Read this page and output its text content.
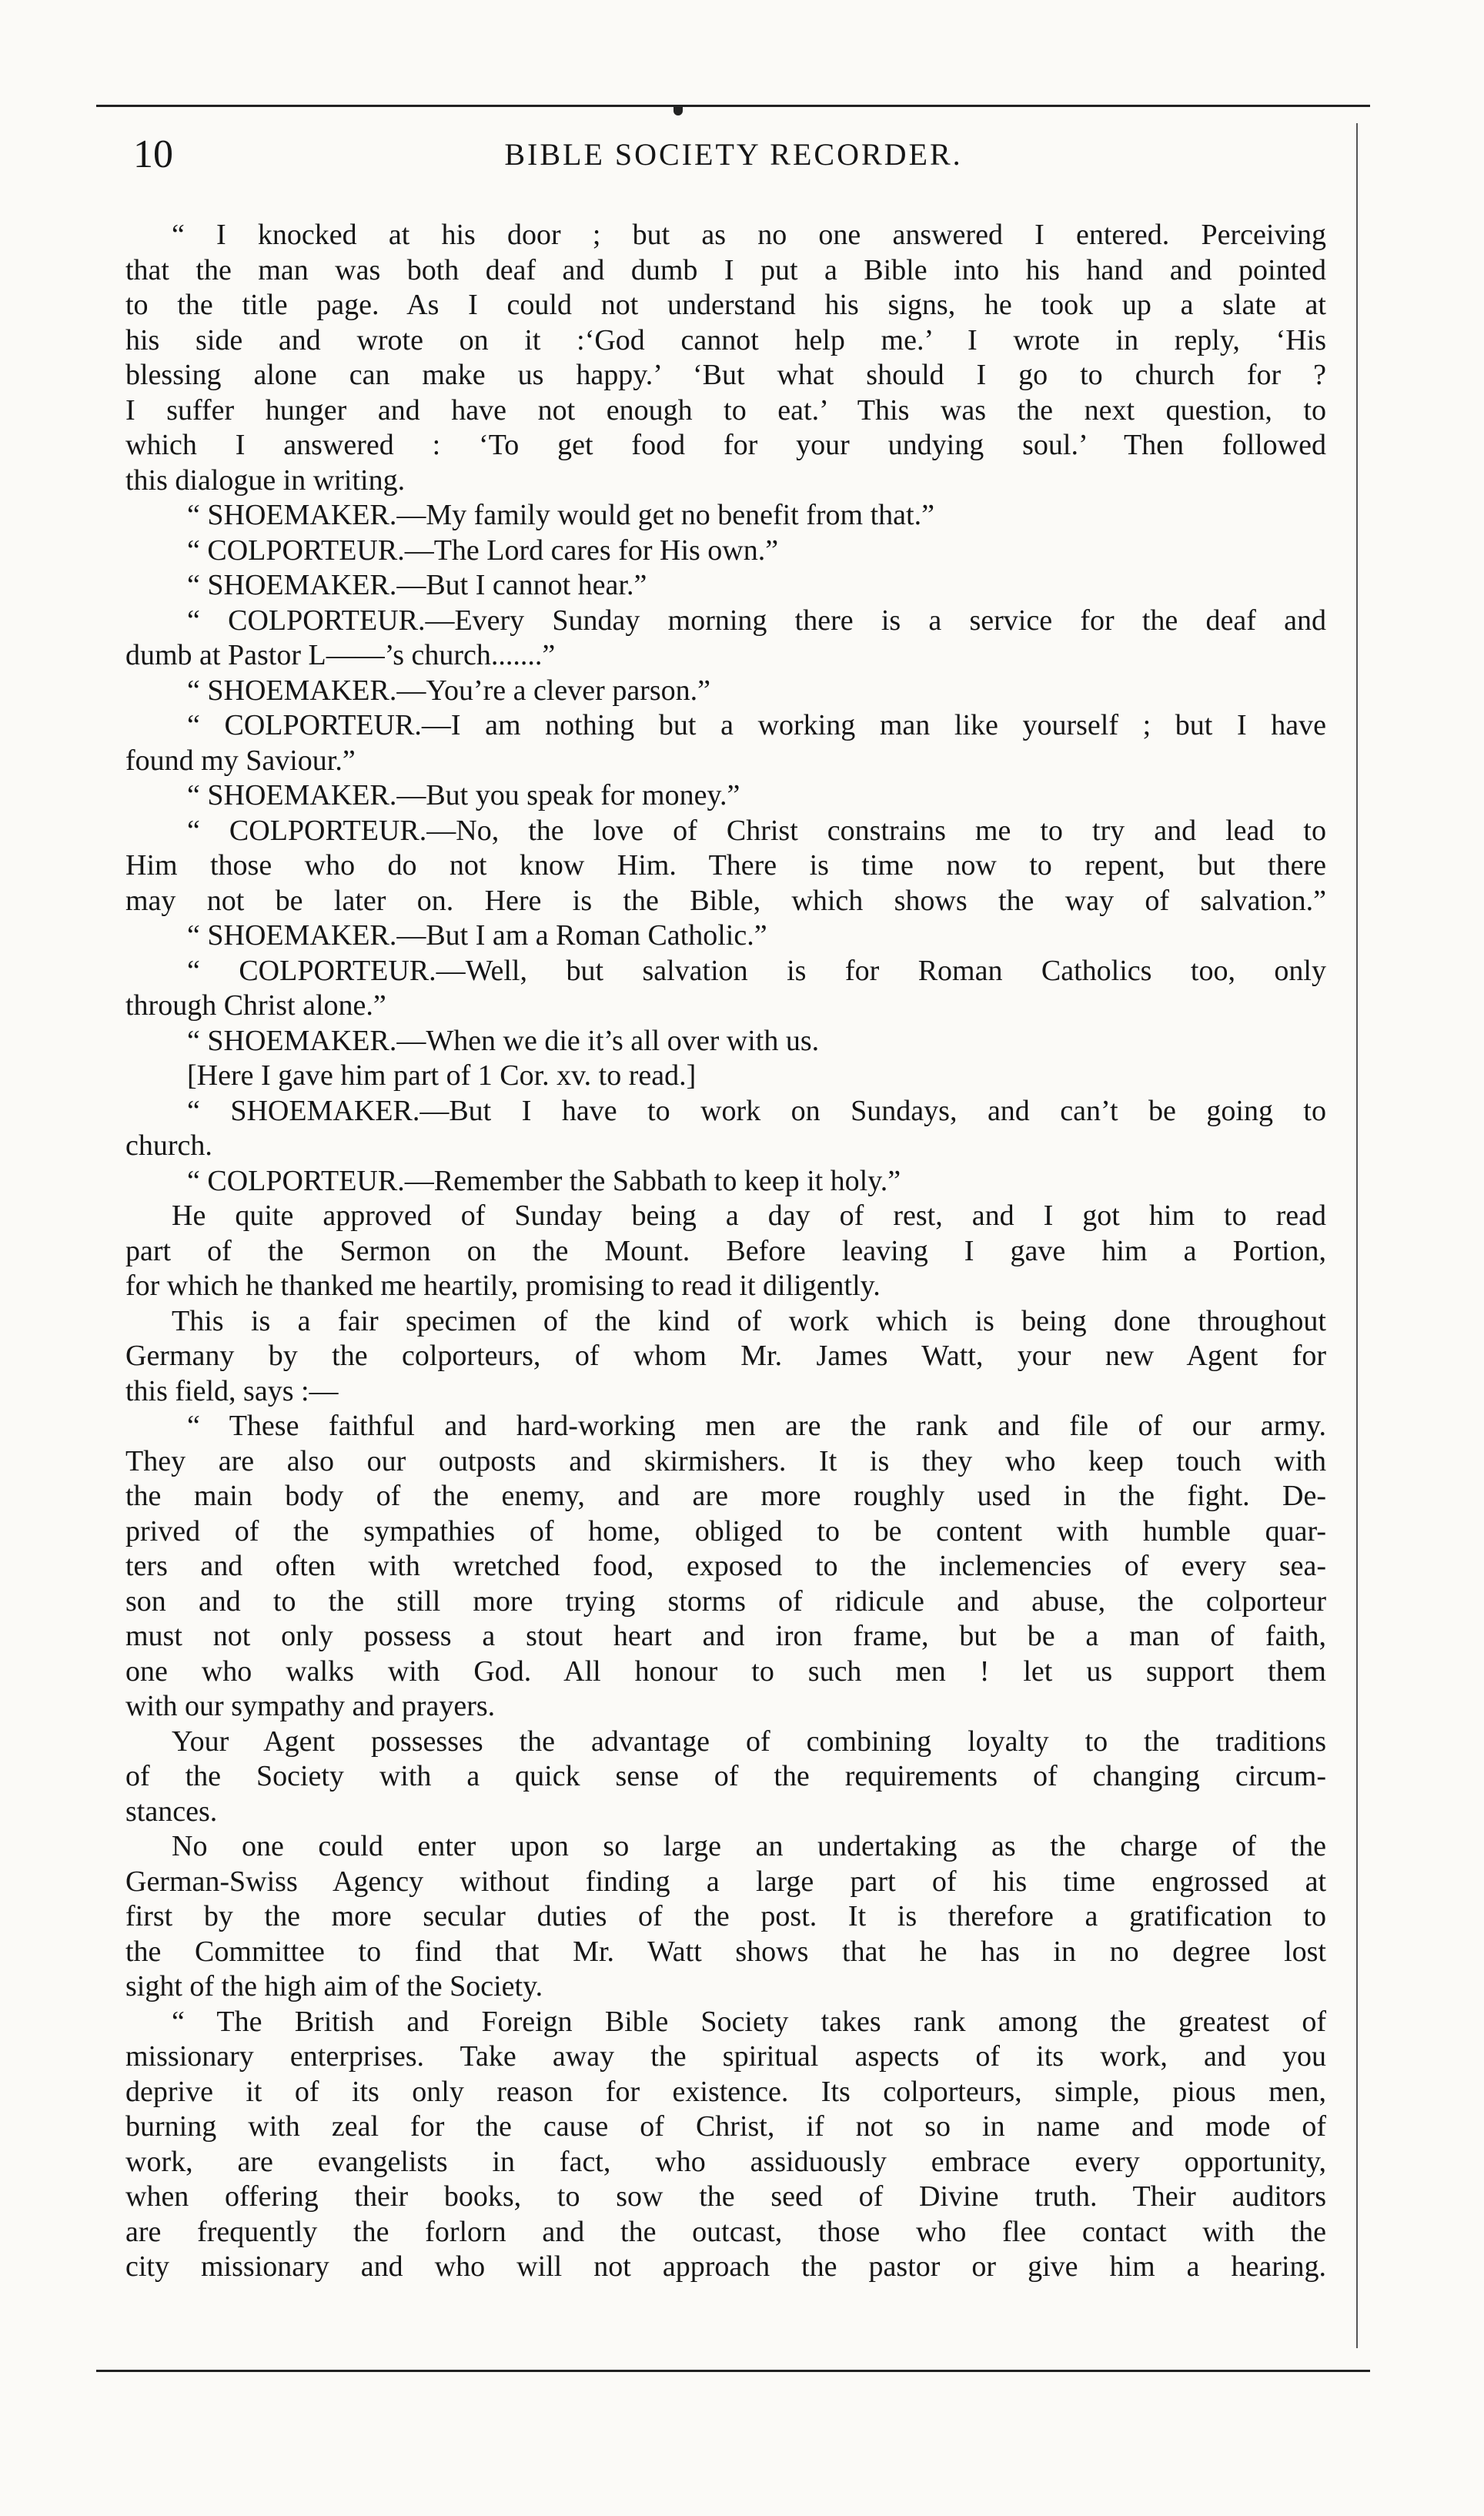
10	BIBLE SOCIETY RECORDER.
“ I knocked at his door ; but as no one answered I entered. Perceiving
that the man was both deaf and dumb I put a Bible into his hand and pointed
to the title page. As I could not understand his signs, he took up a slate at
his side and wrote on it :‘God cannot help me.’ I wrote in reply, ‘His
blessing alone can make us happy.’ ‘But what should I go to church for ?
I suffer hunger and have not enough to eat.’ This was the next question, to
which I answered : ‘To get food for your undying soul.’ Then followed
this dialogue in writing.
“ SHOEMAKER.—My family would get no benefit from that.”
“ COLPORTEUR.—The Lord cares for His own.”
“ SHOEMAKER.—But I cannot hear.”
“ COLPORTEUR.—Every Sunday morning there is a service for the deaf and
dumb at Pastor L——’s church.......”
“ SHOEMAKER.—You’re a clever parson.”
“ COLPORTEUR.—I am nothing but a working man like yourself ; but I have
found my Saviour.”
“ SHOEMAKER.—But you speak for money.”
“ COLPORTEUR.—No, the love of Christ constrains me to try and lead to
Him those who do not know Him. There is time now to repent, but there
may not be later on. Here is the Bible, which shows the way of salvation.”
“ SHOEMAKER.—But I am a Roman Catholic.”
“ COLPORTEUR.—Well, but salvation is for Roman Catholics too, only
through Christ alone.”
“ SHOEMAKER.—When we die it’s all over with us.
[Here I gave him part of 1 Cor. xv. to read.]
“ SHOEMAKER.—But I have to work on Sundays, and can’t be going to
church.
“ COLPORTEUR.—Remember the Sabbath to keep it holy.”
He quite approved of Sunday being a day of rest, and I got him to read
part of the Sermon on the Mount. Before leaving I gave him a Portion,
for which he thanked me heartily, promising to read it diligently.
This is a fair specimen of the kind of work which is being done throughout
Germany by the colporteurs, of whom Mr. James Watt, your new Agent for
this field, says :—
“ These faithful and hard-working men are the rank and file of our army.
They are also our outposts and skirmishers. It is they who keep touch with
the main body of the enemy, and are more roughly used in the fight. De-
prived of the sympathies of home, obliged to be content with humble quar-
ters and often with wretched food, exposed to the inclemencies of every sea-
son and to the still more trying storms of ridicule and abuse, the colporteur
must not only possess a stout heart and iron frame, but be a man of faith,
one who walks with God. All honour to such men ! let us support them
with our sympathy and prayers.
Your Agent possesses the advantage of combining loyalty to the traditions
of the Society with a quick sense of the requirements of changing circum-
stances.
No one could enter upon so large an undertaking as the charge of the
German-Swiss Agency without finding a large part of his time engrossed at
first by the more secular duties of the post. It is therefore a gratification to
the Committee to find that Mr. Watt shows that he has in no degree lost
sight of the high aim of the Society.
“ The British and Foreign Bible Society takes rank among the greatest of
missionary enterprises. Take away the spiritual aspects of its work, and you
deprive it of its only reason for existence. Its colporteurs, simple, pious men,
burning with zeal for the cause of Christ, if not so in name and mode of
work, are evangelists in fact, who assiduously embrace every opportunity,
when offering their books, to sow the seed of Divine truth. Their auditors
are frequently the forlorn and the outcast, those who flee contact with the
city missionary and who will not approach the pastor or give him a hearing.
